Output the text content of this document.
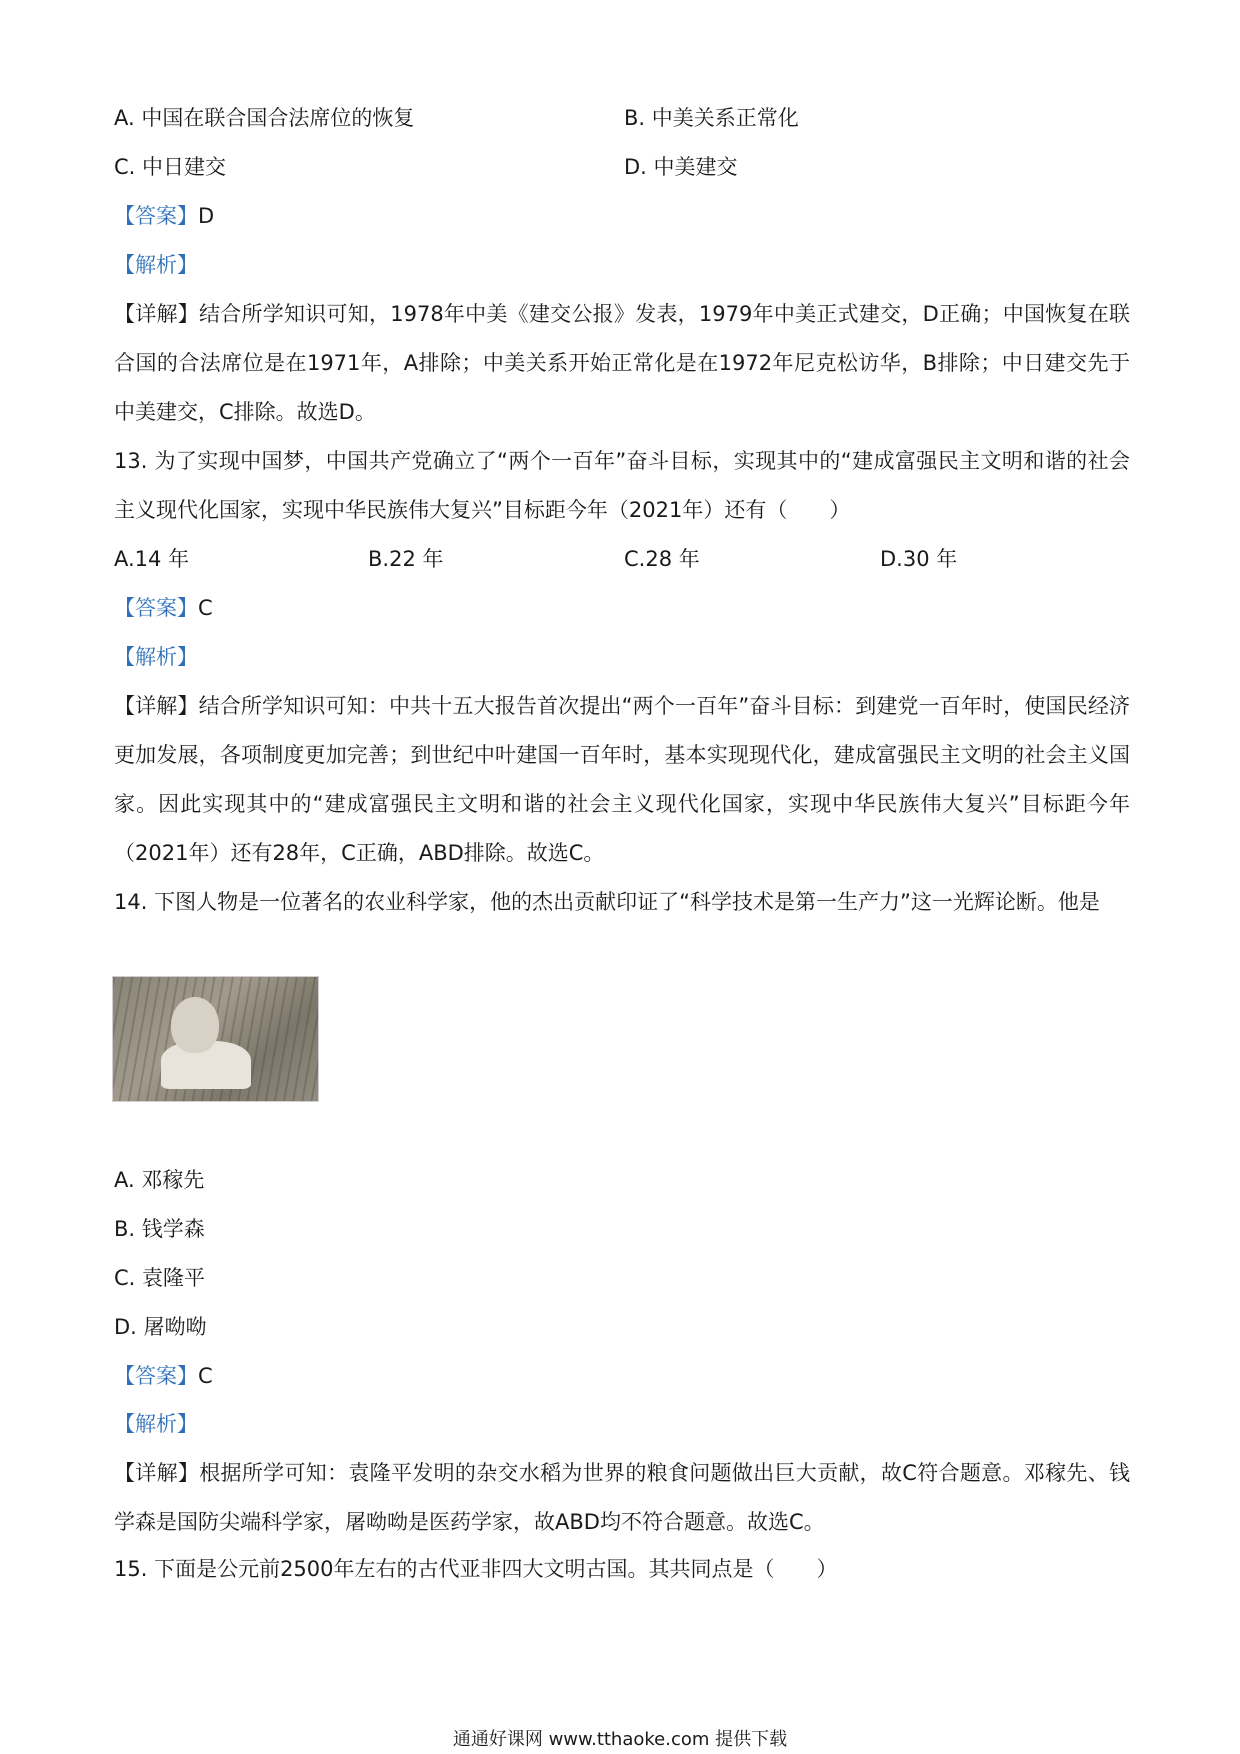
A. 中国在联合国合法席位的恢复	B. 中美关系正常化
C. 中日建交	D. 中美建交
【答案】D
【解析】
【详解】结合所学知识可知，1978年中美《建交公报》发表，1979年中美正式建交，D正确；中国恢复在联合国的合法席位是在1971年，A排除；中美关系开始正常化是在1972年尼克松访华，B排除；中日建交先于中美建交，C排除。故选D。
13. 为了实现中国梦，中国共产党确立了“两个一百年”奋斗目标，实现其中的“建成富强民主文明和谐的社会主义现代化国家，实现中华民族伟大复兴”目标距今年（2021年）还有（　　）
A.14 年	B.22 年	C.28 年	D.30 年
【答案】C
【解析】
【详解】结合所学知识可知：中共十五大报告首次提出“两个一百年”奋斗目标：到建党一百年时，使国民经济更加发展，各项制度更加完善；到世纪中叶建国一百年时，基本实现现代化，建成富强民主文明的社会主义国家。因此实现其中的“建成富强民主文明和谐的社会主义现代化国家，实现中华民族伟大复兴”目标距今年（2021年）还有28年，C正确，ABD排除。故选C。
14. 下图人物是一位著名的农业科学家，他的杰出贡献印证了“科学技术是第一生产力”这一光辉论断。他是
A. 邓稼先
B. 钱学森
C. 袁隆平
D. 屠呦呦
【答案】C
【解析】
【详解】根据所学可知：袁隆平发明的杂交水稻为世界的粮食问题做出巨大贡献，故C符合题意。邓稼先、钱学森是国防尖端科学家，屠呦呦是医药学家，故ABD均不符合题意。故选C。
15. 下面是公元前2500年左右的古代亚非四大文明古国。其共同点是（　　）
通通好课网 www.tthaoke.com 提供下载
